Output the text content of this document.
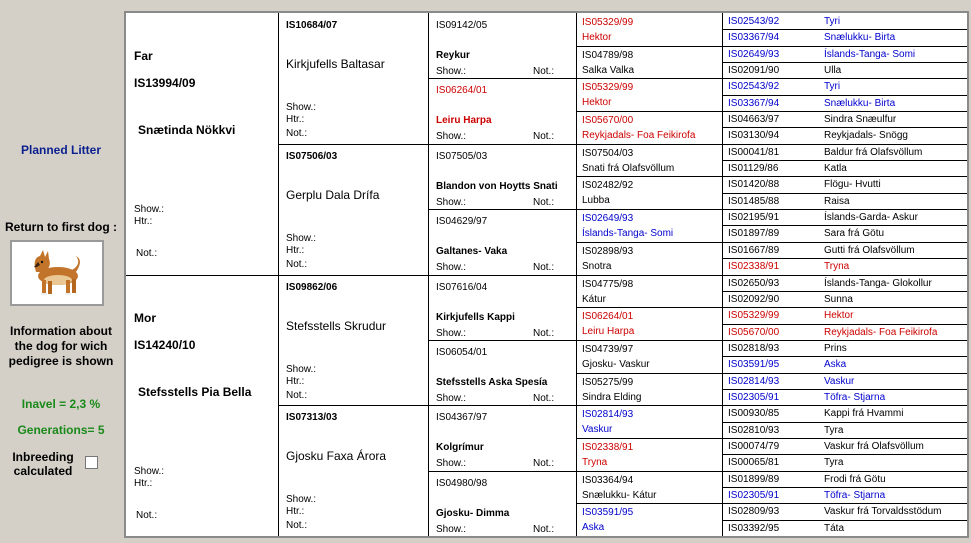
Planned Litter
Return to first dog :
Information about the dog for wich pedigree is shown
Inavel = 2,3 %
Generations= 5
Inbreeding calculated
Far
IS13994/09
Snætinda Nökkvi
Show.:
Htr.:
Not.:
Mor
IS14240/10
Stefsstells Pia Bella
Show.:
Htr.:
Not.:
IS10684/07
Kirkjufells Baltasar
Show.:
Htr.:
Not.:
IS07506/03
Gerplu Dala Drífa
Show.:
Htr.:
Not.:
IS09862/06
Stefsstells Skrudur
Show.:
Htr.:
Not.:
IS07313/03
Gjosku Faxa Árora
Show.:
Htr.:
Not.:
IS09142/05
Reykur
Show.:	Not.:
IS06264/01
Leiru Harpa
Show.:	Not.:
IS07505/03
Blandon von Hoytts Snati
Show.:	Not.:
IS04629/97
Galtanes- Vaka
Show.:	Not.:
IS07616/04
Kirkjufells Kappi
Show.:	Not.:
IS06054/01
Stefsstells Aska Spesía
Show.:	Not.:
IS04367/97
Kolgrímur
Show.:	Not.:
IS04980/98
Gjosku- Dimma
Show.:	Not.:
IS05329/99
Hektor
IS04789/98
Salka Valka
IS05329/99
Hektor
IS05670/00
Reykjadals- Foa Feikirofa
IS07504/03
Snati frá Olafsvöllum
IS02482/92
Lubba
IS02649/93
Íslands-Tanga- Somi
IS02898/93
Snotra
IS04775/98
Kátur
IS06264/01
Leiru Harpa
IS04739/97
Gjosku- Vaskur
IS05275/99
Sindra Elding
IS02814/93
Vaskur
IS02338/91
Tryna
IS03364/94
Snælukku- Kátur
IS03591/95
Aska
IS02543/92	Tyri
IS03367/94	Snælukku- Birta
IS02649/93	Íslands-Tanga- Somi
IS02091/90	Ulla
IS02543/92	Tyri
IS03367/94	Snælukku- Birta
IS04663/97	Sindra Snæulfur
IS03130/94	Reykjadals- Snögg
IS00041/81	Baldur frá Olafsvöllum
IS01129/86	Katla
IS01420/88	Flögu- Hvutti
IS01485/88	Raisa
IS02195/91	Íslands-Garda- Askur
IS01897/89	Sara frá Götu
IS01667/89	Gutti frá Olafsvöllum
IS02338/91	Tryna
IS02650/93	Íslands-Tanga- Glokollur
IS02092/90	Sunna
IS05329/99	Hektor
IS05670/00	Reykjadals- Foa Feikirofa
IS02818/93	Prins
IS03591/95	Aska
IS02814/93	Vaskur
IS02305/91	Töfra- Stjarna
IS00930/85	Kappi frá Hvammi
IS02810/93	Tyra
IS00074/79	Vaskur frá Olafsvöllum
IS00065/81	Tyra
IS01899/89	Frodi frá Götu
IS02305/91	Töfra- Stjarna
IS02809/93	Vaskur frá Torvaldsstödum
IS03392/95	Táta
